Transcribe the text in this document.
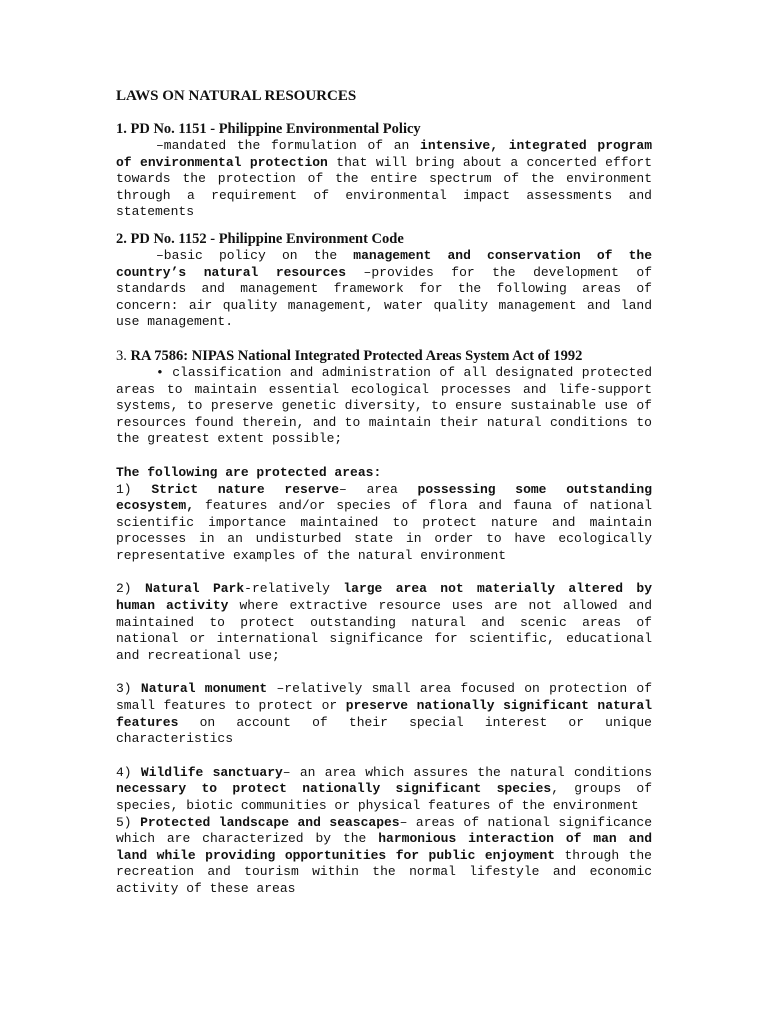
LAWS ON NATURAL RESOURCES
1. PD No. 1151 - Philippine Environmental Policy

–mandated the formulation of an intensive, integrated program of environmental protection that will bring about a concerted effort towards the protection of the entire spectrum of the environment through a requirement of environmental impact assessments and statements

2. PD No. 1152 - Philippine Environment Code

–basic policy on the management and conservation of the country’s natural resources –provides for the development of standards and management framework for the following areas of concern: air quality management, water quality management and land use management.

3. RA 7586: NIPAS National Integrated Protected Areas System Act of 1992

• classification and administration of all designated protected areas to maintain essential ecological processes and life-support systems, to preserve genetic diversity, to ensure sustainable use of resources found therein, and to maintain their natural conditions to the greatest extent possible;

The following are protected areas:

1) Strict nature reserve– area possessing some outstanding ecosystem, features and/or species of flora and fauna of national scientific importance maintained to protect nature and maintain processes in an undisturbed state in order to have ecologically representative examples of the natural environment

2) Natural Park-relatively large area not materially altered by human activity where extractive resource uses are not allowed and maintained to protect outstanding natural and scenic areas of national or international significance for scientific, educational and recreational use;

3) Natural monument –relatively small area focused on protection of small features to protect or preserve nationally significant natural features on account of their special interest or unique characteristics

4) Wildlife sanctuary– an area which assures the natural conditions necessary to protect nationally significant species, groups of species, biotic communities or physical features of the environment

5) Protected landscape and seascapes– areas of national significance which are characterized by the harmonious interaction of man and land while providing opportunities for public enjoyment through the recreation and tourism within the normal lifestyle and economic activity of these areas
